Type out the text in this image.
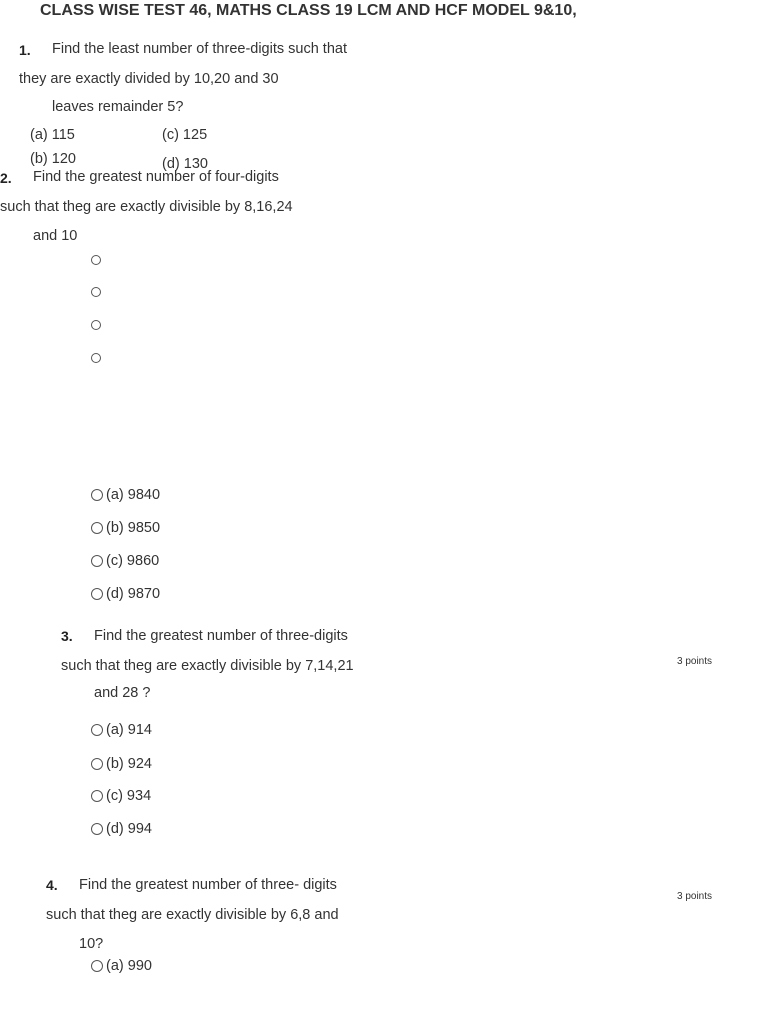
CLASS WISE TEST 46, MATHS CLASS 19 LCM AND HCF MODEL 9&10,
1. Find the least number of three-digits such that
they are exactly divided by 10,20 and 30
leaves remainder 5?
(a) 115	(c) 125
(b) 120	(d) 130
2. Find the greatest number of four-digits
such that theg are exactly divisible by 8,16,24
and 10
(a) 9840
(b) 9850
(c) 9860
(d) 9870
3. Find the greatest number of three-digits
such that theg are exactly divisible by 7,14,21
and 28 ?
3 points
(a) 914
(b) 924
(c) 934
(d) 994
4. Find the greatest number of three- digits
such that theg are exactly divisible by 6,8 and
10?
3 points
(a) 990
